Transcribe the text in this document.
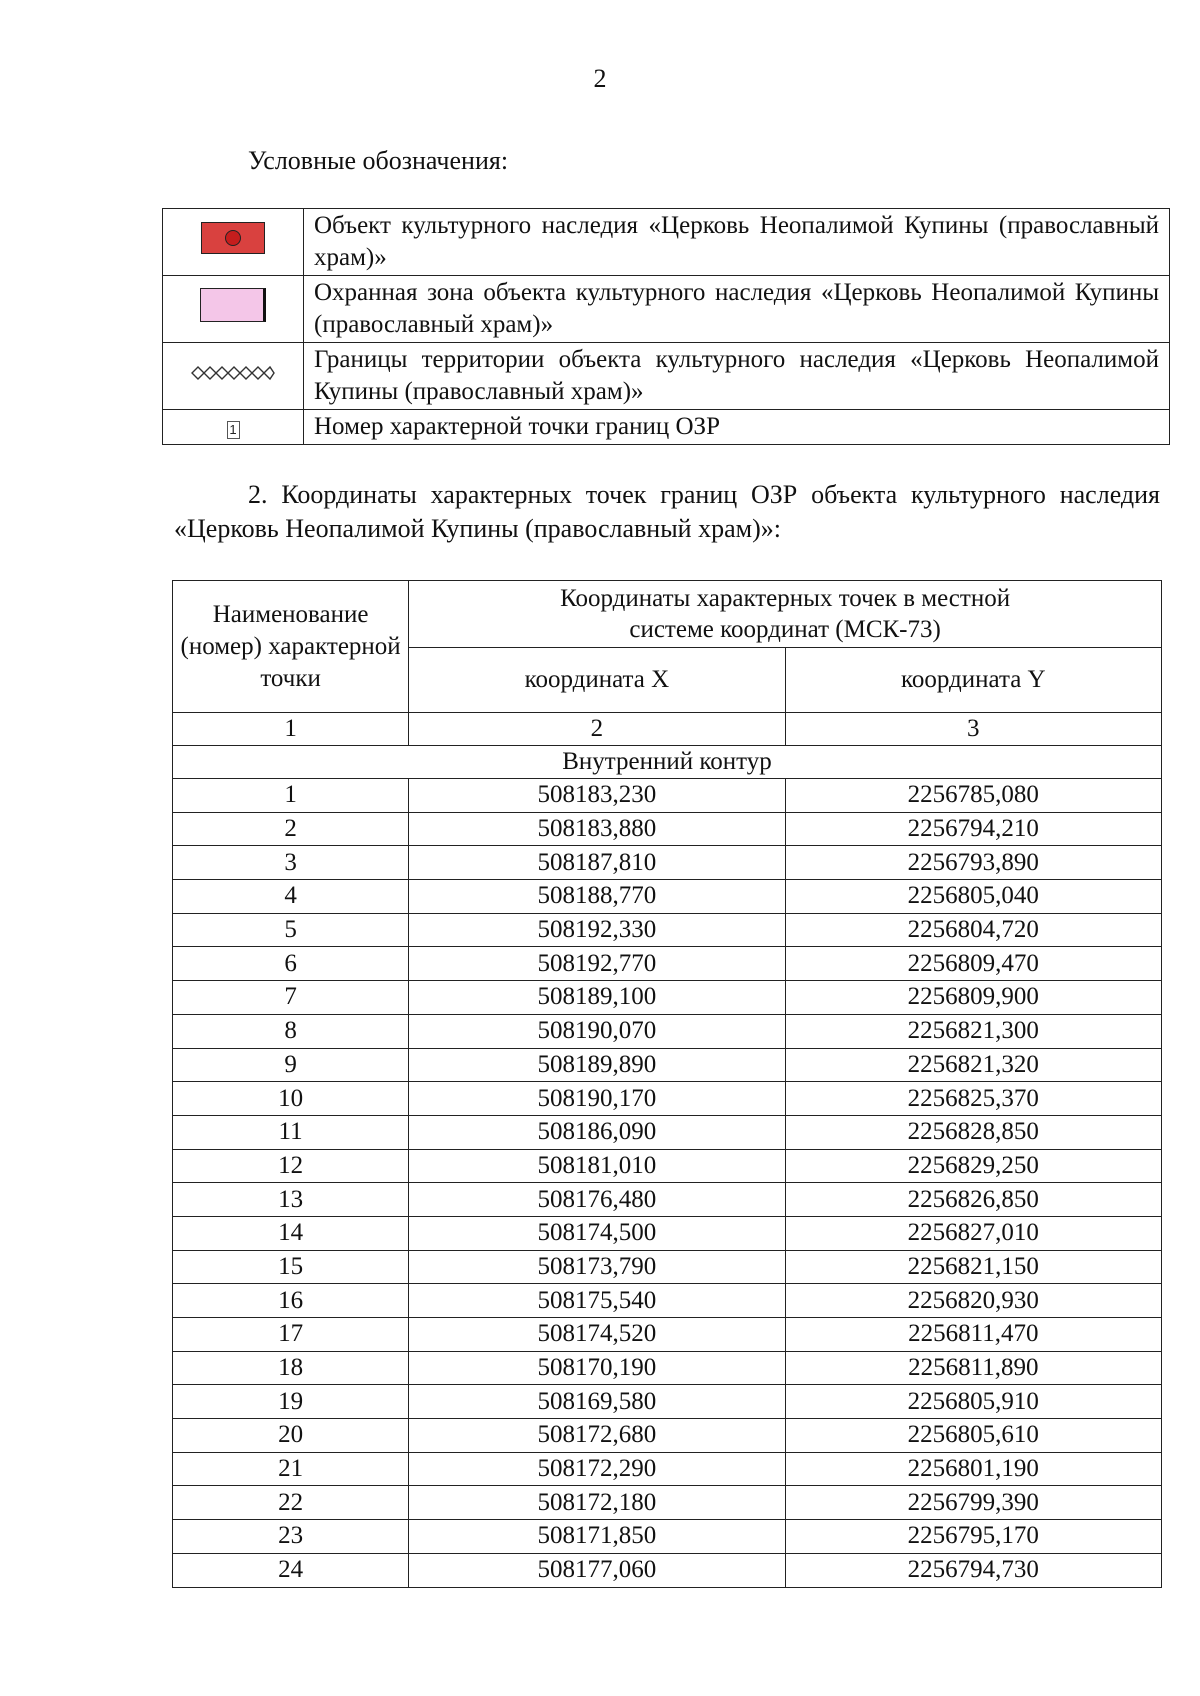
2
Условные обозначения:
	Объект культурного наследия «Церковь Неопалимой Купины (православный храм)»
	Охранная зона объекта культурного наследия «Церковь Неопалимой Купины (православный храм)»
	Границы территории объекта культурного наследия «Церковь Неопалимой Купины (православный храм)»
1	Номер характерной точки границ ОЗР
2. Координаты характерных точек границ ОЗР объекта культурного наследия «Церковь Неопалимой Купины (православный храм)»:
Наименование (номер) характерной точки	Координаты характерных точек в местной системе координат (МСК-73)	
	координата X	координата Y
1	2	3
Внутренний контур		
1	508183,230	2256785,080
2	508183,880	2256794,210
3	508187,810	2256793,890
4	508188,770	2256805,040
5	508192,330	2256804,720
6	508192,770	2256809,470
7	508189,100	2256809,900
8	508190,070	2256821,300
9	508189,890	2256821,320
10	508190,170	2256825,370
11	508186,090	2256828,850
12	508181,010	2256829,250
13	508176,480	2256826,850
14	508174,500	2256827,010
15	508173,790	2256821,150
16	508175,540	2256820,930
17	508174,520	2256811,470
18	508170,190	2256811,890
19	508169,580	2256805,910
20	508172,680	2256805,610
21	508172,290	2256801,190
22	508172,180	2256799,390
23	508171,850	2256795,170
24	508177,060	2256794,730
